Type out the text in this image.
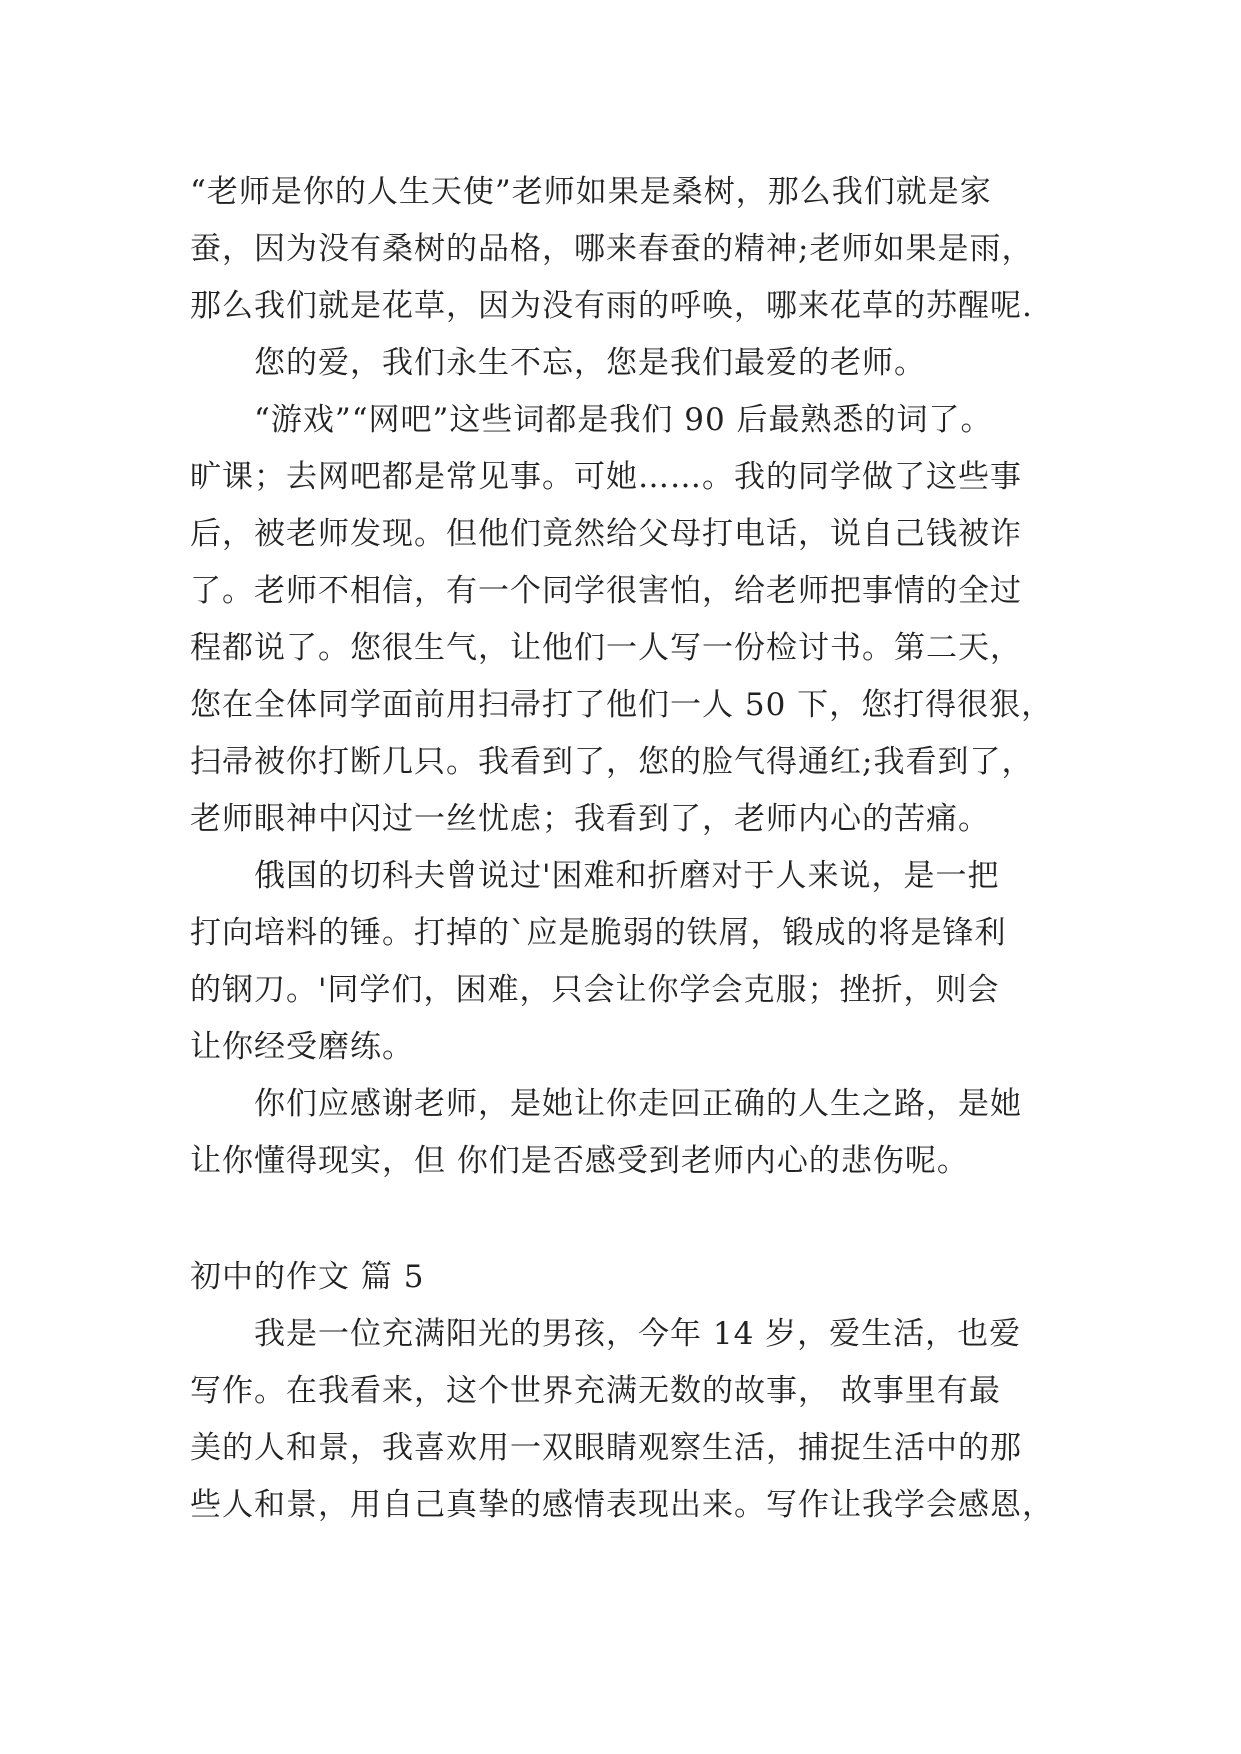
“老师是你的人生天使”老师如果是桑树，那么我们就是家
蚕，因为没有桑树的品格，哪来春蚕的精神;老师如果是雨，
那么我们就是花草，因为没有雨的呼唤，哪来花草的苏醒呢.
您的爱，我们永生不忘，您是我们最爱的老师。
“游戏”“网吧”这些词都是我们 90 后最熟悉的词了。
旷课；去网吧都是常见事。可她……。我的同学做了这些事
后，被老师发现。但他们竟然给父母打电话，说自己钱被诈
了。老师不相信，有一个同学很害怕，给老师把事情的全过
程都说了。您很生气，让他们一人写一份检讨书。第二天，
您在全体同学面前用扫帚打了他们一人 50 下，您打得很狠，
扫帚被你打断几只。我看到了，您的脸气得通红;我看到了，
老师眼神中闪过一丝忧虑；我看到了，老师内心的苦痛。
俄国的切科夫曾说过'困难和折磨对于人来说，是一把
打向培料的锤。打掉的`应是脆弱的铁屑，锻成的将是锋利
的钢刀。'同学们，困难，只会让你学会克服；挫折，则会
让你经受磨练。
你们应感谢老师，是她让你走回正确的人生之路，是她
让你懂得现实，但 你们是否感受到老师内心的悲伤呢。
初中的作文 篇 5
我是一位充满阳光的男孩，今年 14 岁，爱生活，也爱
写作。在我看来，这个世界充满无数的故事， 故事里有最
美的人和景，我喜欢用一双眼睛观察生活，捕捉生活中的那
些人和景，用自己真挚的感情表现出来。写作让我学会感恩，
